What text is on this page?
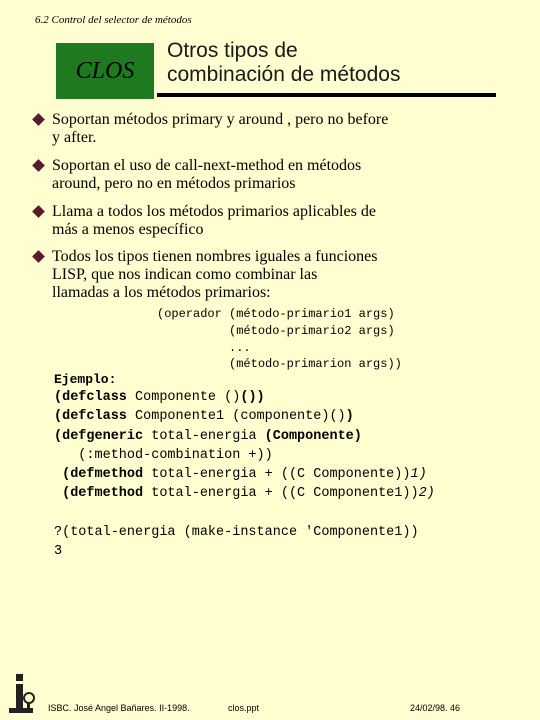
6.2 Control del selector de métodos
CLOS
Otros tipos de
combinación de métodos
Soportan métodos primary y around , pero no before
y after.
Soportan el uso de call-next-method en métodos
around, pero no en métodos primarios
Llama a todos los métodos primarios aplicables de
más a menos específico
Todos los tipos tienen nombres iguales a funciones
LISP, que nos indican como combinar las
llamadas a los métodos primarios:
(operador (método-primario1 args)
(método-primario2 args)
...
(método-primarion args))
Ejemplo:
(defclass Componente ()())
(defclass Componente1 (componente)())
(defgeneric total-energia (Componente)
(:method-combination +))
(defmethod total-energia + ((C Componente))1)
(defmethod total-energia + ((C Componente1))2)
?(total-energia (make-instance 'Componente1))
3
ISBC. José Angel Bañares. II-1998.	clos.ppt	24/02/98. 46
